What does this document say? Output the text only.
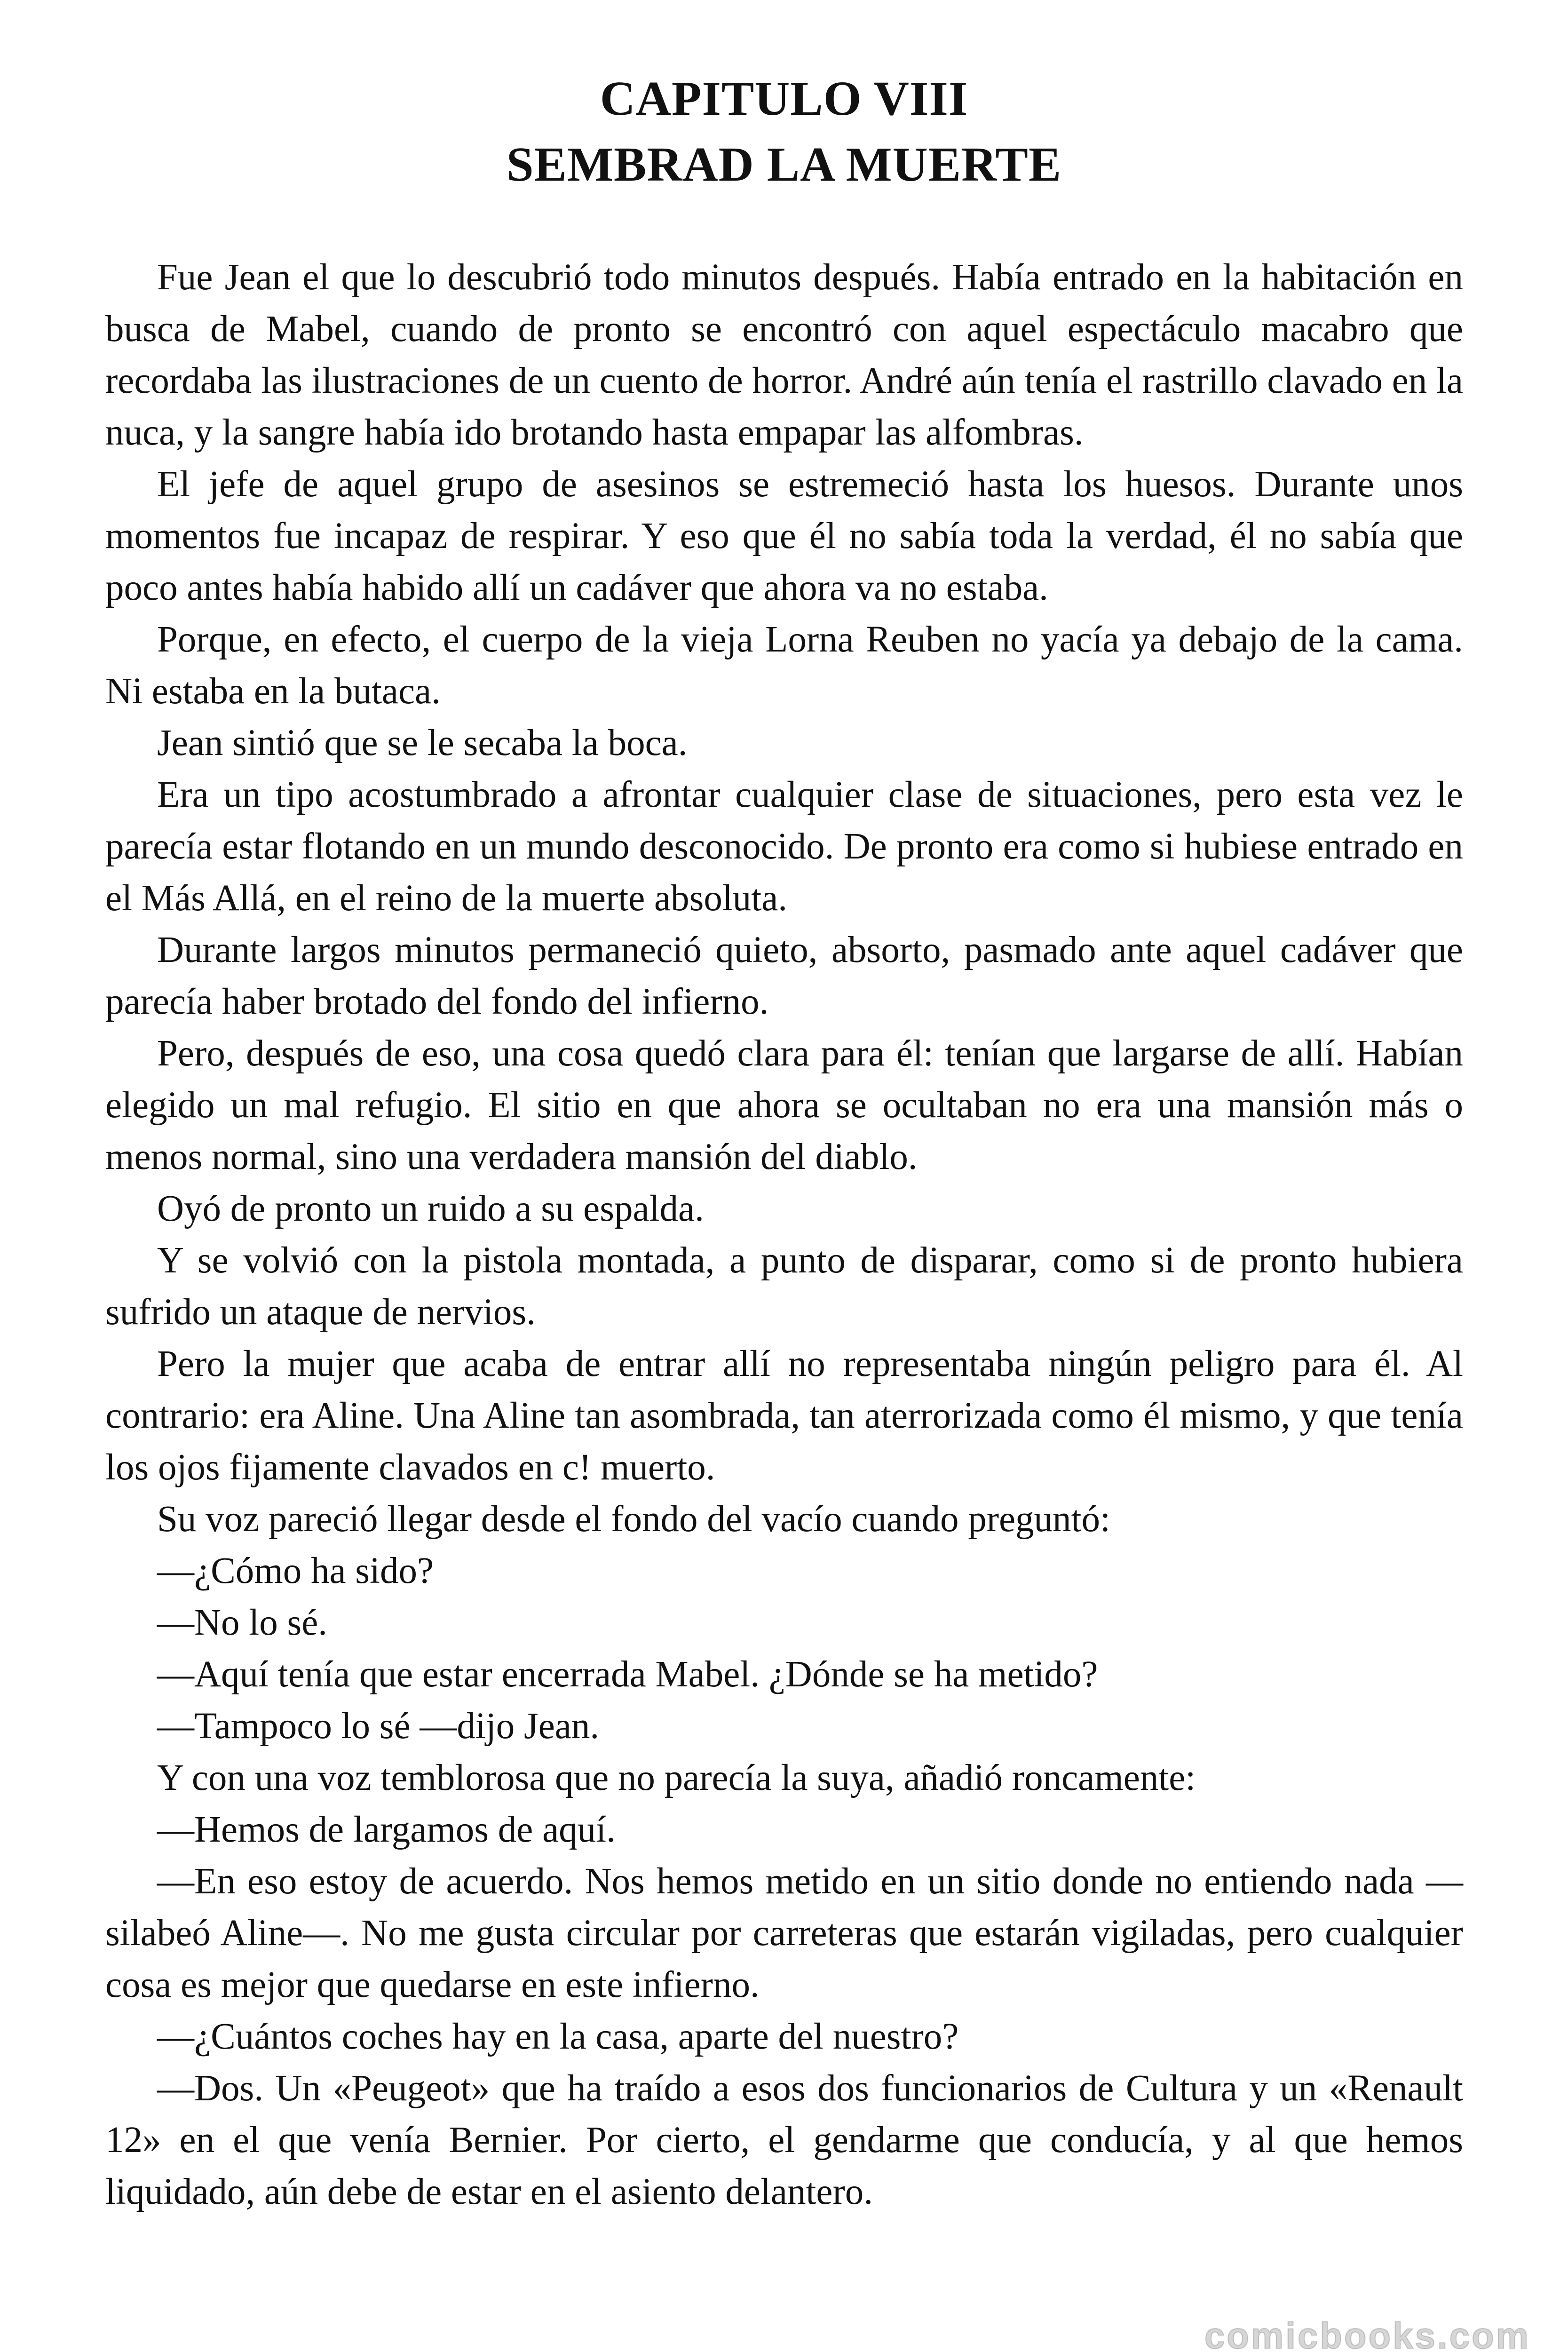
CAPITULO VIII
SEMBRAD LA MUERTE

Fue Jean el que lo descubrió todo minutos después. Había entrado en la habitación en busca de Mabel, cuando de pronto se encontró con aquel espectáculo macabro que recordaba las ilustraciones de un cuento de horror. André aún tenía el rastrillo clavado en la nuca, y la sangre había ido brotando hasta empapar las alfombras.

El jefe de aquel grupo de asesinos se estremeció hasta los huesos. Durante unos momentos fue incapaz de respirar. Y eso que él no sabía toda la verdad, él no sabía que poco antes había habido allí un cadáver que ahora va no estaba.

Porque, en efecto, el cuerpo de la vieja Lorna Reuben no yacía ya debajo de la cama. Ni estaba en la butaca.

Jean sintió que se le secaba la boca.

Era un tipo acostumbrado a afrontar cualquier clase de situaciones, pero esta vez le parecía estar flotando en un mundo desconocido. De pronto era como si hubiese entrado en el Más Allá, en el reino de la muerte absoluta.

Durante largos minutos permaneció quieto, absorto, pasmado ante aquel cadáver que parecía haber brotado del fondo del infierno.

Pero, después de eso, una cosa quedó clara para él: tenían que largarse de allí. Habían elegido un mal refugio. El sitio en que ahora se ocultaban no era una mansión más o menos normal, sino una verdadera mansión del diablo.

Oyó de pronto un ruido a su espalda.

Y se volvió con la pistola montada, a punto de disparar, como si de pronto hubiera sufrido un ataque de nervios.

Pero la mujer que acaba de entrar allí no representaba ningún peligro para él. Al contrario: era Aline. Una Aline tan asombrada, tan aterrorizada como él mismo, y que tenía los ojos fijamente clavados en c! muerto.

Su voz pareció llegar desde el fondo del vacío cuando preguntó:

—¿Cómo ha sido?

—No lo sé.

—Aquí tenía que estar encerrada Mabel. ¿Dónde se ha metido?

—Tampoco lo sé —dijo Jean.

Y con una voz temblorosa que no parecía la suya, añadió roncamente:

—Hemos de largamos de aquí.

—En eso estoy de acuerdo. Nos hemos metido en un sitio donde no entiendo nada —silabeó Aline—. No me gusta circular por carreteras que estarán vigiladas, pero cualquier cosa es mejor que quedarse en este infierno.

—¿Cuántos coches hay en la casa, aparte del nuestro?

—Dos. Un «Peugeot» que ha traído a esos dos funcionarios de Cultura y un «Renault 12» en el que venía Bernier. Por cierto, el gendarme que conducía, y al que hemos liquidado, aún debe de estar en el asiento delantero.

comicbooks.com
